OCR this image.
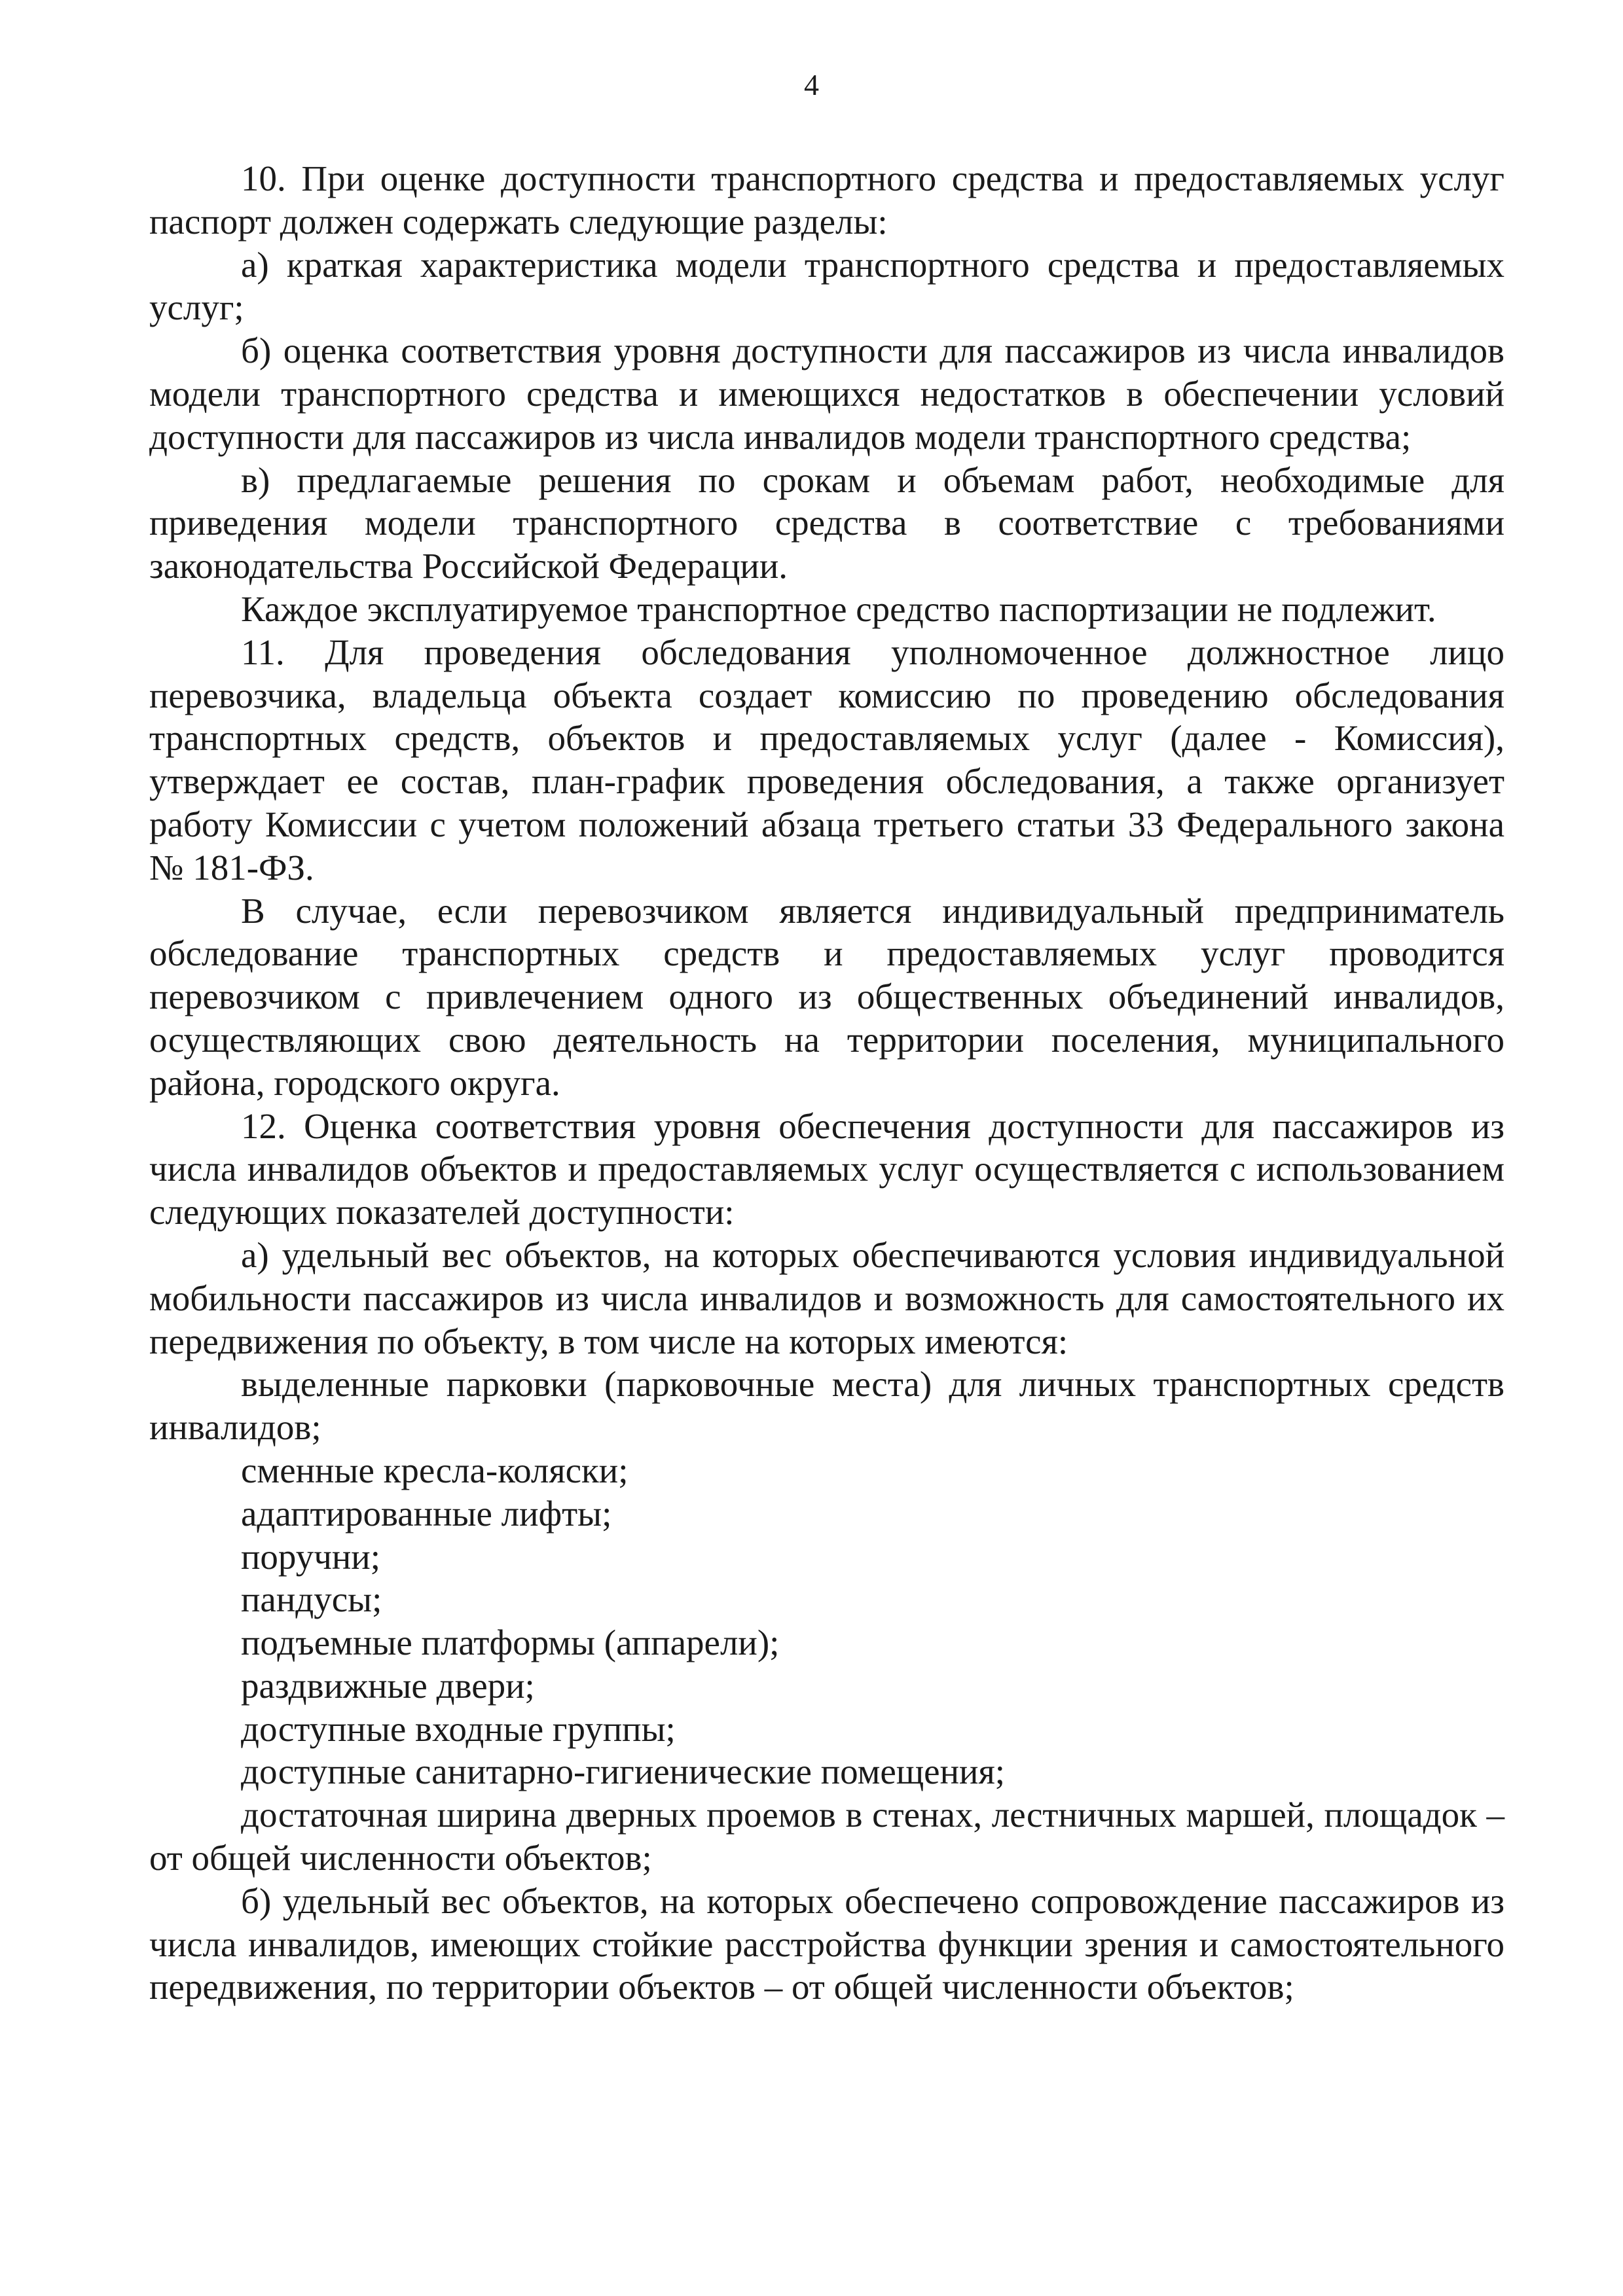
4

10. При оценке доступности транспортного средства и предоставляемых услуг паспорт должен содержать следующие разделы:

а) краткая характеристика модели транспортного средства и предоставляемых услуг;

б) оценка соответствия уровня доступности для пассажиров из числа инвалидов модели транспортного средства и имеющихся недостатков в обеспечении условий доступности для пассажиров из числа инвалидов модели транспортного средства;

в) предлагаемые решения по срокам и объемам работ, необходимые для приведения модели транспортного средства в соответствие с требованиями законодательства Российской Федерации.

Каждое эксплуатируемое транспортное средство паспортизации не подлежит.

11. Для проведения обследования уполномоченное должностное лицо перевозчика, владельца объекта создает комиссию по проведению обследования транспортных средств, объектов и предоставляемых услуг (далее - Комиссия), утверждает ее состав, план-график проведения обследования, а также организует работу Комиссии с учетом положений абзаца третьего статьи 33 Федерального закона № 181-ФЗ.

В случае, если перевозчиком является индивидуальный предприниматель обследование транспортных средств и предоставляемых услуг проводится перевозчиком с привлечением одного из общественных объединений инвалидов, осуществляющих свою деятельность на территории поселения, муниципального района, городского округа.

12. Оценка соответствия уровня обеспечения доступности для пассажиров из числа инвалидов объектов и предоставляемых услуг осуществляется с использованием следующих показателей доступности:

а) удельный вес объектов, на которых обеспечиваются условия индивидуальной мобильности пассажиров из числа инвалидов и возможность для самостоятельного их передвижения по объекту, в том числе на которых имеются:

выделенные парковки (парковочные места) для личных транспортных средств инвалидов;

сменные кресла-коляски;

адаптированные лифты;

поручни;

пандусы;

подъемные платформы (аппарели);

раздвижные двери;

доступные входные группы;

доступные санитарно-гигиенические помещения;

достаточная ширина дверных проемов в стенах, лестничных маршей, площадок – от общей численности объектов;

б) удельный вес объектов, на которых обеспечено сопровождение пассажиров из числа инвалидов, имеющих стойкие расстройства функции зрения и самостоятельного передвижения, по территории объектов – от общей численности объектов;
